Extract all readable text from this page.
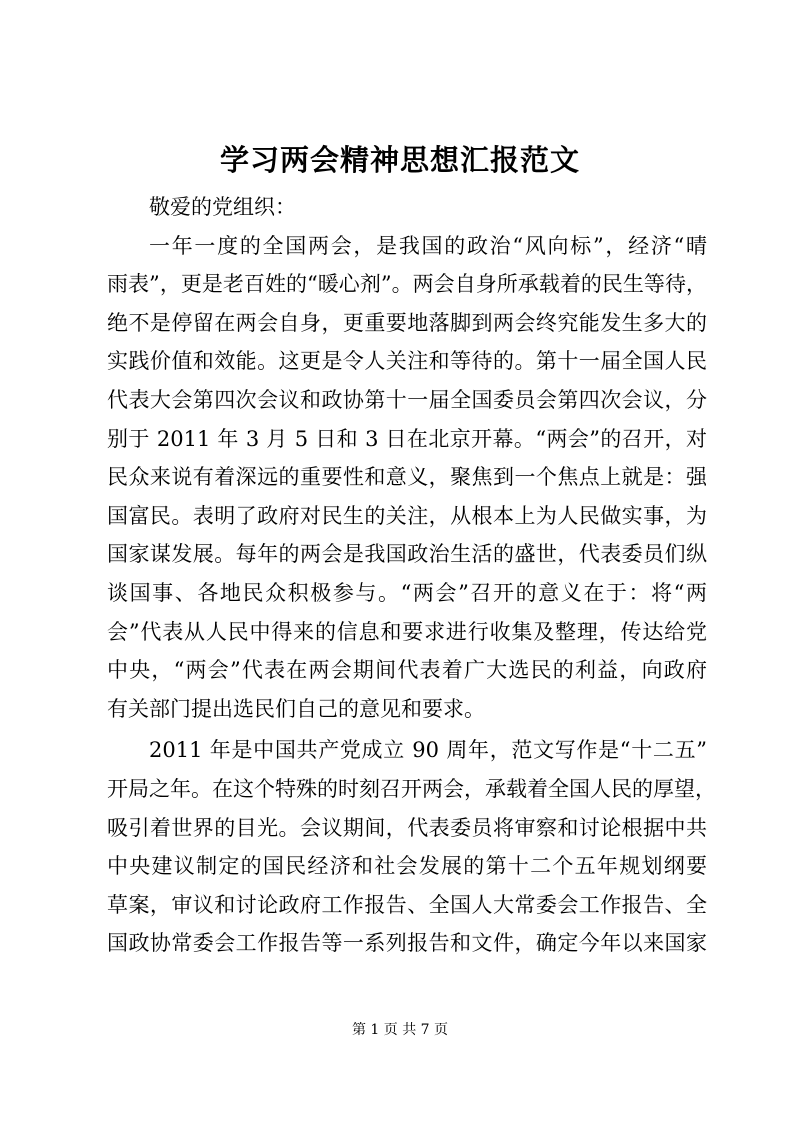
学习两会精神思想汇报范文
敬爱的党组织：
一年一度的全国两会，是我国的政治“风向标”，经济“晴
雨表”，更是老百姓的“暖心剂”。两会自身所承载着的民生等待，
绝不是停留在两会自身，更重要地落脚到两会终究能发生多大的
实践价值和效能。这更是令人关注和等待的。第十一届全国人民
代表大会第四次会议和政协第十一届全国委员会第四次会议，分
别于 2011 年 3 月 5 日和 3 日在北京开幕。“两会”的召开，对
民众来说有着深远的重要性和意义，聚焦到一个焦点上就是：强
国富民。表明了政府对民生的关注，从根本上为人民做实事，为
国家谋发展。每年的两会是我国政治生活的盛世，代表委员们纵
谈国事、各地民众积极参与。“两会”召开的意义在于：将“两
会”代表从人民中得来的信息和要求进行收集及整理，传达给党
中央，“两会”代表在两会期间代表着广大选民的利益，向政府
有关部门提出选民们自己的意见和要求。
2011 年是中国共产党成立 90 周年，范文写作是“十二五”
开局之年。在这个特殊的时刻召开两会，承载着全国人民的厚望，
吸引着世界的目光。会议期间，代表委员将审察和讨论根据中共
中央建议制定的国民经济和社会发展的第十二个五年规划纲要
草案，审议和讨论政府工作报告、全国人大常委会工作报告、全
国政协常委会工作报告等一系列报告和文件，确定今年以来国家
第 1 页 共 7 页
